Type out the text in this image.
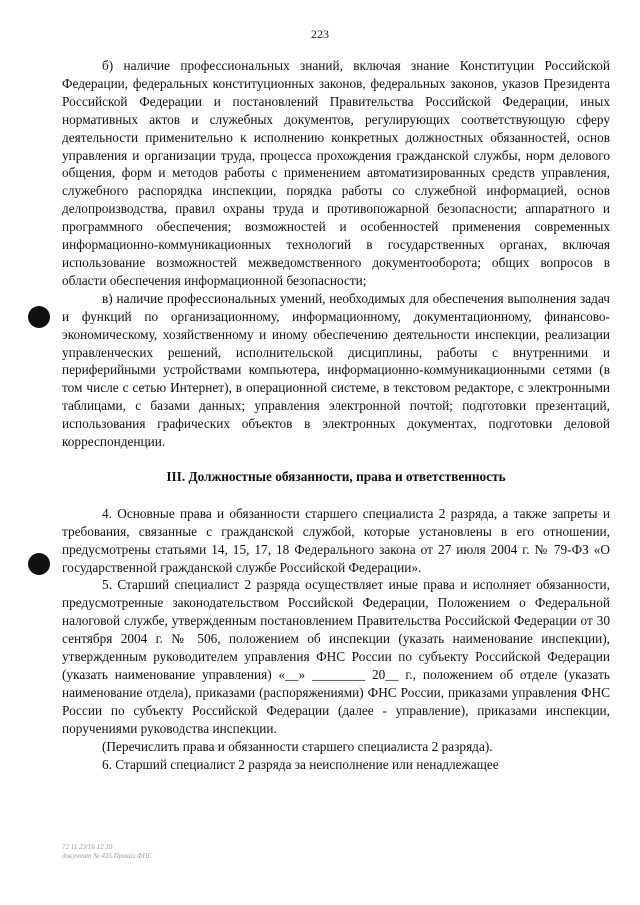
223

б) наличие профессиональных знаний, включая знание Конституции Российской Федерации, федеральных конституционных законов, федеральных законов, указов Президента Российской Федерации и постановлений Правительства Российской Федерации, иных нормативных актов и служебных документов, регулирующих соответствующую сферу деятельности применительно к исполнению конкретных должностных обязанностей, основ управления и организации труда, процесса прохождения гражданской службы, норм делового общения, форм и методов работы с применением автоматизированных средств управления, служебного распорядка инспекции, порядка работы со служебной информацией, основ делопроизводства, правил охраны труда и противопожарной безопасности; аппаратного и программного обеспечения; возможностей и особенностей применения современных информационно-коммуникационных технологий в государственных органах, включая использование возможностей межведомственного документооборота; общих вопросов в области обеспечения информационной безопасности;

в) наличие профессиональных умений, необходимых для обеспечения выполнения задач и функций по организационному, информационному, документационному, финансово-экономическому, хозяйственному и иному обеспечению деятельности инспекции, реализации управленческих решений, исполнительской дисциплины, работы с внутренними и периферийными устройствами компьютера, информационно-коммуникационными сетями (в том числе с сетью Интернет), в операционной системе, в текстовом редакторе, с электронными таблицами, с базами данных; управления электронной почтой; подготовки презентаций, использования графических объектов в электронных документах, подготовки деловой корреспонденции.

III. Должностные обязанности, права и ответственность

4. Основные права и обязанности старшего специалиста 2 разряда, а также запреты и требования, связанные с гражданской службой, которые установлены в его отношении, предусмотрены статьями 14, 15, 17, 18 Федерального закона от 27 июля 2004 г. № 79-ФЗ «О государственной гражданской службе Российской Федерации».

5. Старший специалист 2 разряда осуществляет иные права и исполняет обязанности, предусмотренные законодательством Российской Федерации, Положением о Федеральной налоговой службе, утвержденным постановлением Правительства Российской Федерации от 30 сентября 2004 г. № 506, положением об инспекции (указать наименование инспекции), утвержденным руководителем управления ФНС России по субъекту Российской Федерации (указать наименование управления) «__» ________ 20__ г., положением об отделе (указать наименование отдела), приказами (распоряжениями) ФНС России, приказами управления ФНС России по субъекту Российской Федерации (далее - управление), приказами инспекции, поручениями руководства инспекции.

(Перечислить права и обязанности старшего специалиста 2 разряда).

6. Старший специалист 2 разряда за неисполнение или ненадлежащее

72 11 23/16 12 10
документ № 435 Приказ ФНС
